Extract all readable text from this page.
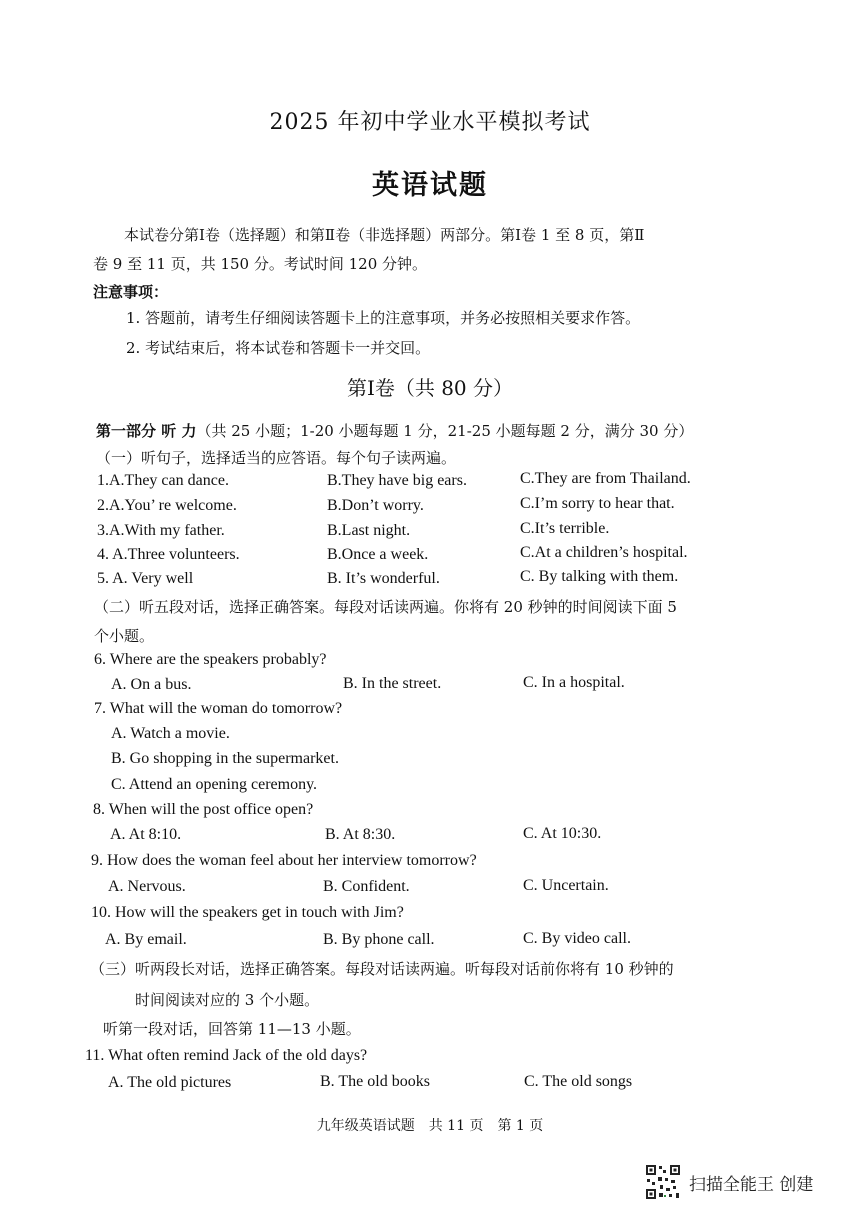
2025 年初中学业水平模拟考试
英语试题
本试卷分第Ⅰ卷（选择题）和第Ⅱ卷（非选择题）两部分。第Ⅰ卷 1 至 8 页，第Ⅱ
卷 9 至 11 页，共 150 分。考试时间 120 分钟。
注意事项：
1. 答题前，请考生仔细阅读答题卡上的注意事项，并务必按照相关要求作答。
2. 考试结束后，将本试卷和答题卡一并交回。
第Ⅰ卷（共 80 分）
第一部分 听 力（共 25 小题；1-20 小题每题 1 分，21-25 小题每题 2 分，满分 30 分）
（一）听句子，选择适当的应答语。每个句子读两遍。
1.A.They can dance.	B.They have big ears.	C.They are from Thailand.
2.A.You’ re welcome.	B.Don’t worry.	C.I’m sorry to hear that.
3.A.With my father.	B.Last night.	C.It’s terrible.
4. A.Three volunteers.	B.Once a week.	C.At a children’s hospital.
5. A. Very well	B. It’s wonderful.	C. By talking with them.
（二）听五段对话，选择正确答案。每段对话读两遍。你将有 20 秒钟的时间阅读下面 5
个小题。
6. Where are the speakers probably?
A. On a bus.	B. In the street.	C. In a hospital.
7. What will the woman do tomorrow?
A. Watch a movie.
B. Go shopping in the supermarket.
C. Attend an opening ceremony.
8. When will the post office open?
A. At 8:10.	B. At 8:30.	C. At 10:30.
9. How does the woman feel about her interview tomorrow?
A. Nervous.	B. Confident.	C. Uncertain.
10. How will the speakers get in touch with Jim?
A. By email.	B. By phone call.	C. By video call.
（三）听两段长对话，选择正确答案。每段对话读两遍。听每段对话前你将有 10 秒钟的
时间阅读对应的 3 个小题。
听第一段对话，回答第 11—13 小题。
11. What often remind Jack of the old days?
A. The old pictures	B. The old books	C. The old songs
九年级英语试题　共 11 页　第 1 页
扫描全能王 创建
